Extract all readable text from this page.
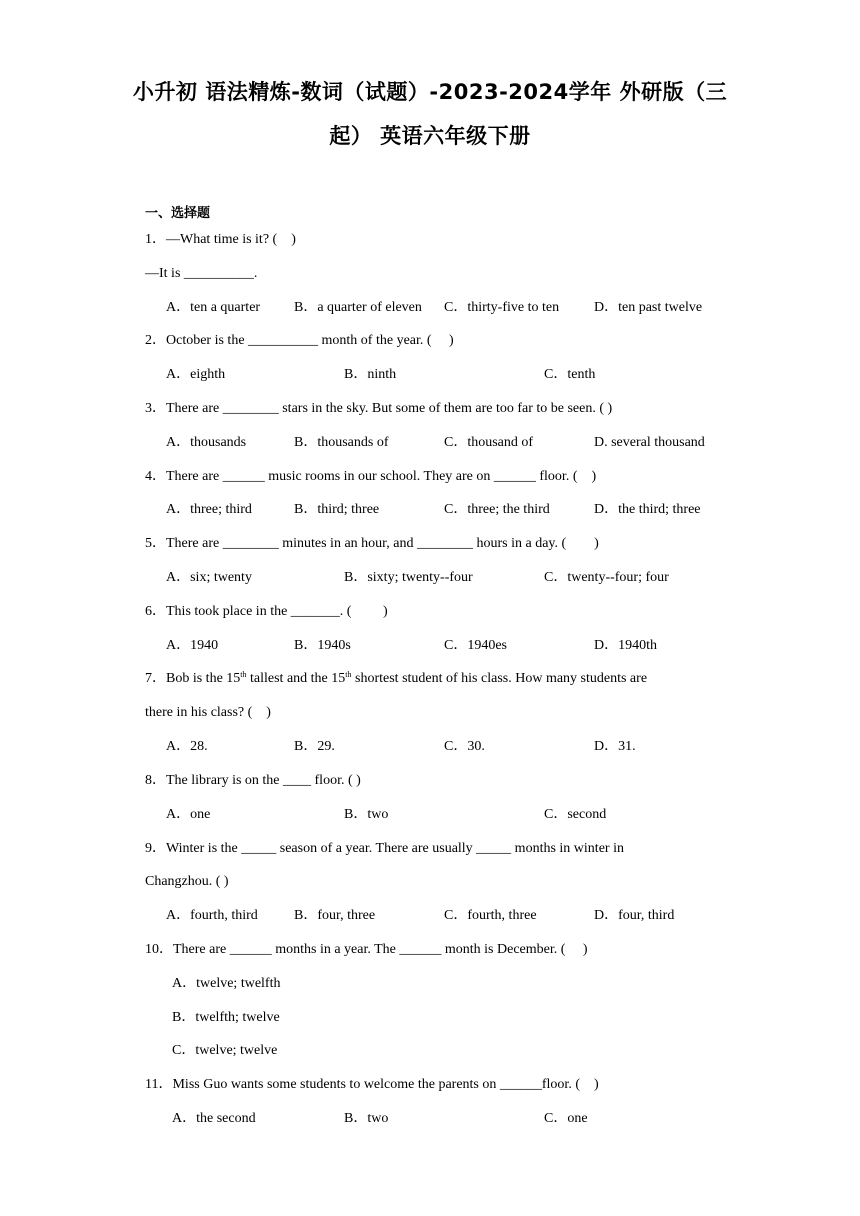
小升初 语法精炼-数词（试题）-2023-2024学年 外研版（三
起） 英语六年级下册
一、选择题
1．—What time is it? (　)
—It is __________.
A．ten a quarter B．a quarter of eleven C．thirty-five to ten D．ten past twelve
2．October is the __________ month of the year. (　 )
A．eighth	B．ninth	C．tenth
3．There are ________ stars in the sky. But some of them are too far to be seen. ( )
A．thousands	B．thousands of	C．thousand of	D. several thousand
4．There are ______ music rooms in our school. They are on ______ floor. (　)
A．three; third	B．third; three	C．three; the third	D．the third; three
5．There are ________ minutes in an hour, and ________ hours in a day. (　　)
A．six; twenty	B．sixty; twenty--four	C．twenty--four; four
6．This took place in the _______. (　　 )
A．1940	B．1940s	C．1940es	D．1940th
7．Bob is the 15th tallest and the 15th shortest student of his class. How many students are
there in his class? (　)
A．28.	B．29.	C．30.	D．31.
8．The library is on the ____ floor. ( )
A．one	B．two	C．second
9．Winter is the _____ season of a year. There are usually _____ months in winter in
Changzhou. ( )
A．fourth, third	B．four, three	C．fourth, three	D．four, third
10．There are ______ months in a year. The ______ month is December. (　 )
A．twelve; twelfth
B．twelfth; twelve
C．twelve; twelve
11．Miss Guo wants some students to welcome the parents on ______floor. (　)
A．the second	B．two	C．one
